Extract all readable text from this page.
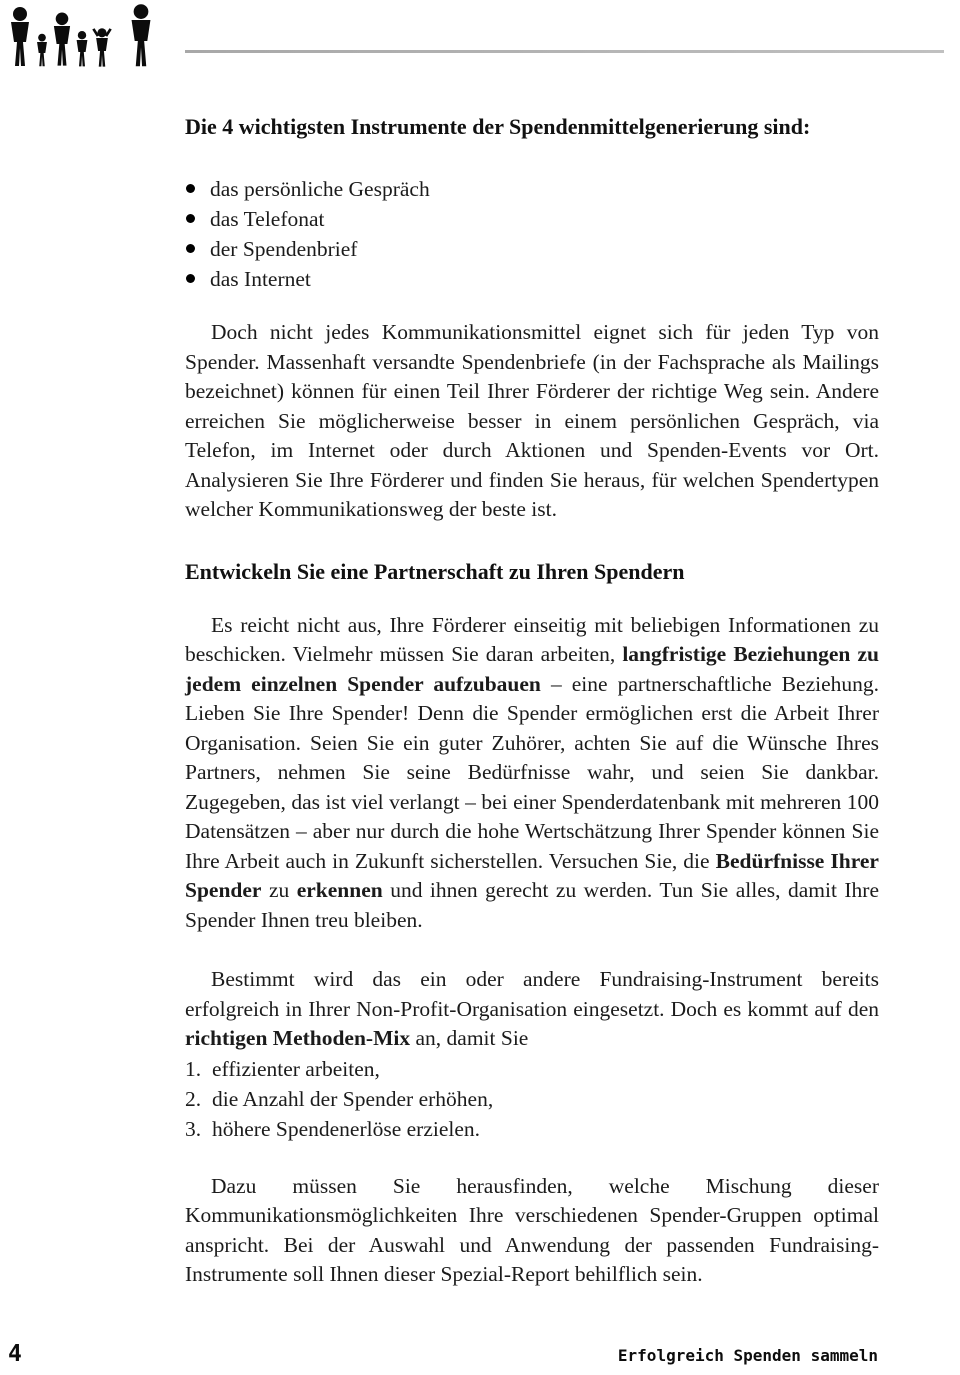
Die 4 wichtigsten Instrumente der Spendenmittelgenerierung sind:
das persönliche Gespräch
das Telefonat
der Spendenbrief
das Internet

Doch nicht jedes Kommunikationsmittel eignet sich für jeden Typ von Spender. Massenhaft versandte Spendenbriefe (in der Fachsprache als Mailings bezeichnet) können für einen Teil Ihrer Förderer der richtige Weg sein. Andere erreichen Sie möglicherweise besser in einem persönlichen Gespräch, via Telefon, im Internet oder durch Aktionen und Spenden-Events vor Ort. Analysieren Sie Ihre Förderer und finden Sie heraus, für welchen Spendertypen welcher Kommunikationsweg der beste ist.

Entwickeln Sie eine Partnerschaft zu Ihren Spendern

Es reicht nicht aus, Ihre Förderer einseitig mit beliebigen Informationen zu beschicken. Vielmehr müssen Sie daran arbeiten, langfristige Beziehungen zu jedem einzelnen Spender aufzubauen – eine partnerschaftliche Beziehung. Lieben Sie Ihre Spender! Denn die Spender ermöglichen erst die Arbeit Ihrer Organisation. Seien Sie ein guter Zuhörer, achten Sie auf die Wünsche Ihres Partners, nehmen Sie seine Bedürfnisse wahr, und seien Sie dankbar. Zugegeben, das ist viel verlangt – bei einer Spenderdatenbank mit mehreren 100 Datensätzen – aber nur durch die hohe Wertschätzung Ihrer Spender können Sie Ihre Arbeit auch in Zukunft sicherstellen. Versuchen Sie, die Bedürfnisse Ihrer Spender zu erkennen und ihnen gerecht zu werden. Tun Sie alles, damit Ihre Spender Ihnen treu bleiben.

Bestimmt wird das ein oder andere Fundraising-Instrument bereits erfolgreich in Ihrer Non-Profit-Organisation eingesetzt. Doch es kommt auf den richtigen Methoden-Mix an, damit Sie

1. effizienter arbeiten,
2. die Anzahl der Spender erhöhen,
3. höhere Spendenerlöse erzielen.

Dazu müssen Sie herausfinden, welche Mischung dieser Kommunikationsmöglichkeiten Ihre verschiedenen Spender-Gruppen optimal anspricht. Bei der Auswahl und Anwendung der passenden Fundraising-Instrumente soll Ihnen dieser Spezial-Report behilflich sein.

4	Erfolgreich Spenden sammeln
